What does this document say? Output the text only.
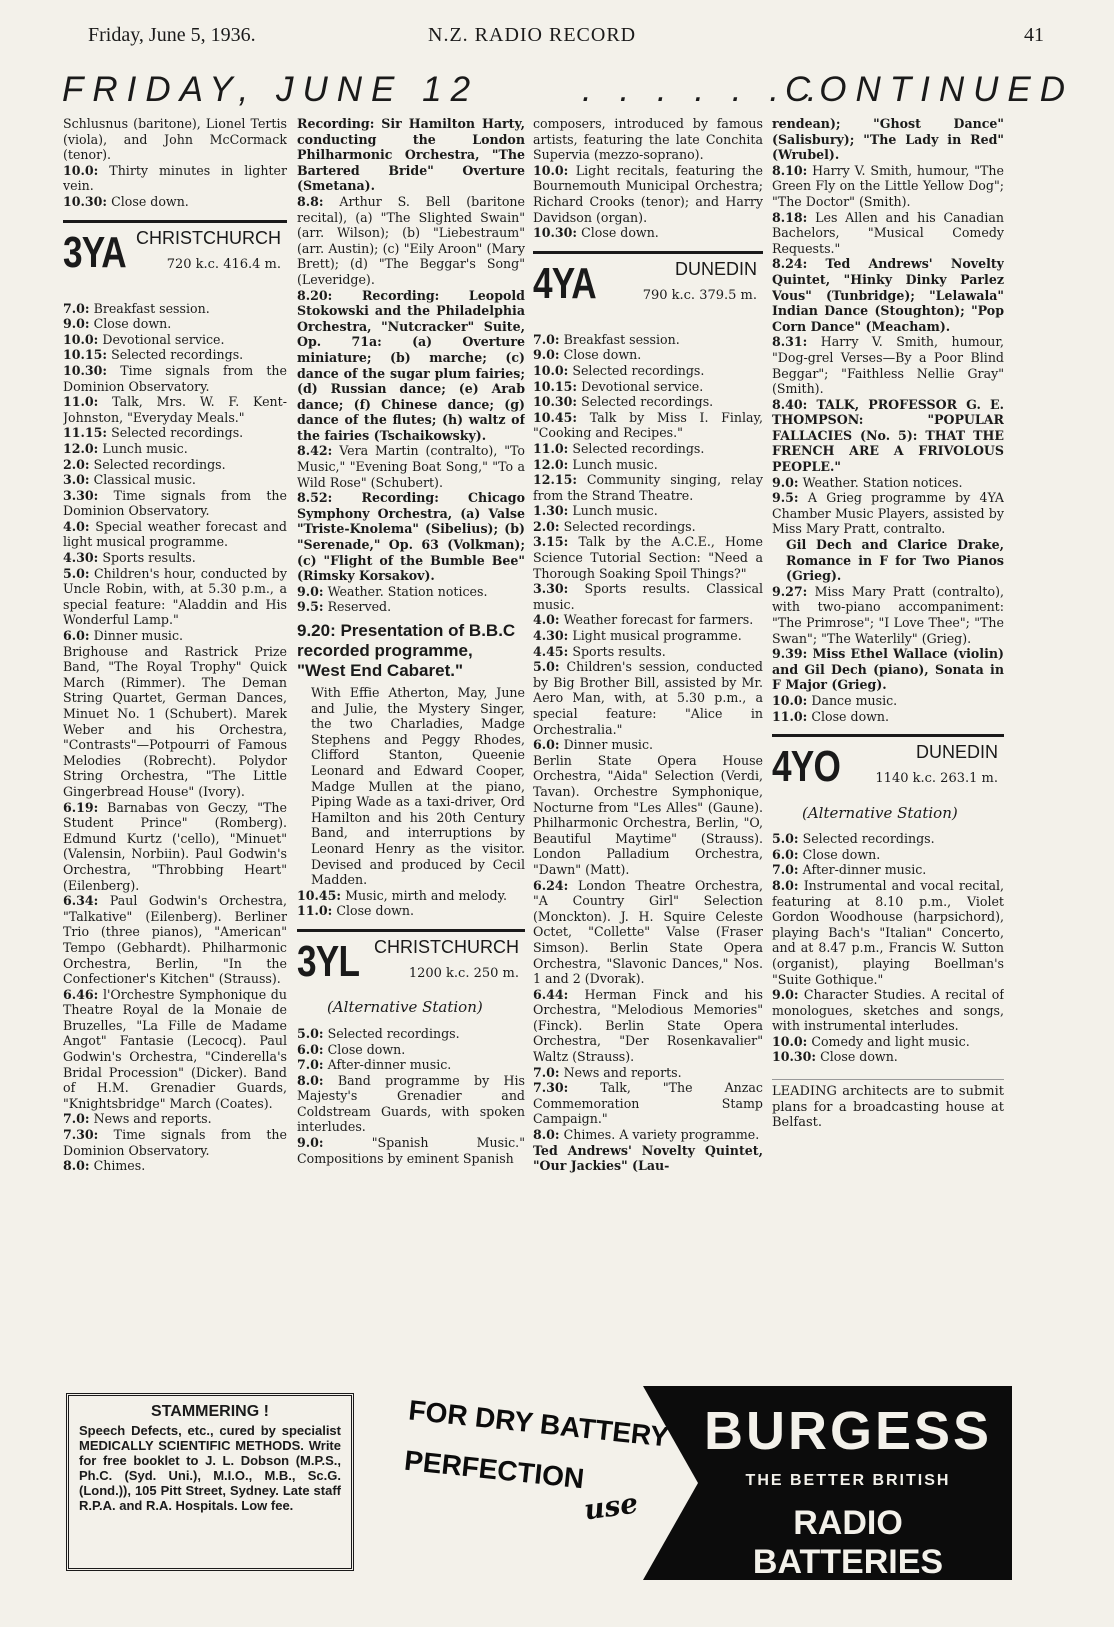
Friday, June 5, 1936.	N.Z. RADIO RECORD	41
FRIDAY, JUNE 12	. . . . . . .
CONTINUED

Schlusnus (baritone), Lionel Tertis (viola), and John McCormack (tenor).

10.0: Thirty minutes in lighter vein.

10.30: Close down.

3YA CHRISTCHURCH
720 k.c. 416.4 m.

7.0: Breakfast session.

9.0: Close down.

10.0: Devotional service.

10.15: Selected recordings.

10.30: Time signals from the Dominion Observatory.

11.0: Talk, Mrs. W. F. Kent-Johnston, "Everyday Meals."

11.15: Selected recordings.

12.0: Lunch music.

2.0: Selected recordings.

3.0: Classical music.

3.30: Time signals from the Dominion Observatory.

4.0: Special weather forecast and light musical programme.

4.30: Sports results.

5.0: Children's hour, conducted by Uncle Robin, with, at 5.30 p.m., a special feature: "Aladdin and His Wonderful Lamp."

6.0: Dinner music.

Brighouse and Rastrick Prize Band, "The Royal Trophy" Quick March (Rimmer). The Deman String Quartet, German Dances, Minuet No. 1 (Schubert). Marek Weber and his Orchestra, "Contrasts"—Potpourri of Famous Melodies (Robrecht). Polydor String Orchestra, "The Little Gingerbread House" (Ivory).

6.19: Barnabas von Geczy, "The Student Prince" (Romberg). Edmund Kurtz ('cello), "Minuet" (Valensin, Norbiin). Paul Godwin's Orchestra, "Throbbing Heart" (Eilenberg).

6.34: Paul Godwin's Orchestra, "Talkative" (Eilenberg). Berliner Trio (three pianos), "American" Tempo (Gebhardt). Philharmonic Orchestra, Berlin, "In the Confectioner's Kitchen" (Strauss).

6.46: l'Orchestre Symphonique du Theatre Royal de la Monaie de Bruzelles, "La Fille de Madame Angot" Fantasie (Lecocq). Paul Godwin's Orchestra, "Cinderella's Bridal Procession" (Dicker). Band of H.M. Grenadier Guards, "Knightsbridge" March (Coates).

7.0: News and reports.

7.30: Time signals from the Dominion Observatory.

8.0: Chimes.

Recording: Sir Hamilton Harty, conducting the London Philharmonic Orchestra, "The Bartered Bride" Overture (Smetana).

8.8: Arthur S. Bell (baritone recital), (a) "The Slighted Swain" (arr. Wilson); (b) "Liebestraum" (arr. Austin); (c) "Eily Aroon" (Mary Brett); (d) "The Beggar's Song" (Leveridge).

8.20: Recording: Leopold Stokowski and the Philadelphia Orchestra, "Nutcracker" Suite, Op. 71a: (a) Overture miniature; (b) marche; (c) dance of the sugar plum fairies; (d) Russian dance; (e) Arab dance; (f) Chinese dance; (g) dance of the flutes; (h) waltz of the fairies (Tschaikowsky).

8.42: Vera Martin (contralto), "To Music," "Evening Boat Song," "To a Wild Rose" (Schubert).

8.52: Recording: Chicago Symphony Orchestra, (a) Valse "Triste-Knolema" (Sibelius); (b) "Serenade," Op. 63 (Volkman); (c) "Flight of the Bumble Bee" (Rimsky Korsakov).

9.0: Weather. Station notices.

9.5: Reserved.

9.20: Presentation of B.B.C recorded programme, "West End Cabaret."

With Effie Atherton, May, June and Julie, the Mystery Singer, the two Charladies, Madge Stephens and Peggy Rhodes, Clifford Stanton, Queenie Leonard and Edward Cooper, Madge Mullen at the piano, Piping Wade as a taxi-driver, Ord Hamilton and his 20th Century Band, and interruptions by Leonard Henry as the visitor. Devised and produced by Cecil Madden.

10.45: Music, mirth and melody.

11.0: Close down.

3YL CHRISTCHURCH
1200 k.c. 250 m.
(Alternative Station)

5.0: Selected recordings.

6.0: Close down.

7.0: After-dinner music.

8.0: Band programme by His Majesty's Grenadier and Coldstream Guards, with spoken interludes.

9.0:	"Spanish Music." Compositions by eminent Spanish

composers, introduced by famous artists, featuring the late Conchita Supervia (mezzo-soprano).

10.0: Light recitals, featuring the Bournemouth Municipal Orchestra; Richard Crooks (tenor); and Harry Davidson (organ).

10.30: Close down.

4YA	DUNEDIN
790 k.c. 379.5 m.

7.0: Breakfast session.

9.0: Close down.

10.0: Selected recordings.

10.15: Devotional service.

10.30: Selected recordings.

10.45: Talk by Miss I. Finlay, "Cooking and Recipes."

11.0: Selected recordings.

12.0: Lunch music.

12.15: Community singing, relay from the Strand Theatre.

1.30: Lunch music.

2.0: Selected recordings.

3.15: Talk by the A.C.E., Home Science Tutorial Section: "Need a Thorough Soaking Spoil Things?"

3.30: Sports results. Classical music.

4.0: Weather forecast for farmers.

4.30: Light musical programme.

4.45: Sports results.

5.0: Children's session, conducted by Big Brother Bill, assisted by Mr. Aero Man, with, at 5.30 p.m., a special feature: "Alice in Orchestralia."

6.0: Dinner music.

Berlin State Opera House Orchestra, "Aida" Selection (Verdi, Tavan). Orchestre Symphonique, Nocturne from "Les Alles" (Gaune). Philharmonic Orchestra, Berlin, "O, Beautiful Maytime" (Strauss). London Palladium Orchestra, "Dawn" (Matt).

6.24: London Theatre Orchestra, "A Country Girl" Selection (Monckton). J. H. Squire Celeste Octet, "Collette" Valse (Fraser Simson). Berlin State Opera Orchestra, "Slavonic Dances," Nos. 1 and 2 (Dvorak).

6.44: Herman Finck and his Orchestra, "Melodious Memories" (Finck). Berlin State Opera Orchestra, "Der Rosenkavalier" Waltz (Strauss).

7.0: News and reports.

7.30:	Talk, "The Anzac Commemoration Stamp Campaign."

8.0: Chimes. A variety programme.

Ted Andrews' Novelty Quintet, "Our Jackies" (Lau-

rendean); "Ghost Dance" (Salisbury); "The Lady in Red" (Wrubel).

8.10: Harry V. Smith, humour, "The Green Fly on the Little Yellow Dog"; "The Doctor" (Smith).

8.18: Les Allen and his Canadian Bachelors, "Musical Comedy Requests."

8.24: Ted Andrews' Novelty Quintet, "Hinky Dinky Parlez Vous" (Tunbridge); "Lelawala" Indian Dance (Stoughton); "Pop Corn Dance" (Meacham).

8.31: Harry V. Smith, humour, "Dog-grel Verses—By a Poor Blind Beggar"; "Faithless Nellie Gray" (Smith).

8.40: TALK, PROFESSOR G. E. THOMPSON: "POPULAR FALLACIES (No. 5): THAT THE FRENCH ARE A FRIVOLOUS PEOPLE."

9.0: Weather. Station notices.

9.5: A Grieg programme by 4YA Chamber Music Players, assisted by Miss Mary Pratt, contralto.

Gil Dech and Clarice Drake, Romance in F for Two Pianos (Grieg).

9.27: Miss Mary Pratt (contralto), with two-piano accompaniment: "The Primrose"; "I Love Thee"; "The Swan"; "The Waterlily" (Grieg).

9.39: Miss Ethel Wallace (violin) and Gil Dech (piano), Sonata in F Major (Grieg).

10.0: Dance music.

11.0: Close down.

4YO	DUNEDIN
1140 k.c. 263.1 m.
(Alternative Station)

5.0: Selected recordings.

6.0: Close down.

7.0: After-dinner music.

8.0: Instrumental and vocal recital, featuring at 8.10 p.m., Violet Gordon Woodhouse (harpsichord), playing Bach's "Italian" Concerto, and at 8.47 p.m., Francis W. Sutton (organist), playing Boellman's "Suite Gothique."

9.0: Character Studies. A recital of monologues, sketches and songs, with instrumental interludes.

10.0: Comedy and light music.

10.30: Close down.

LEADING architects are to submit plans for a broadcasting house at Belfast.

STAMMERING !

Speech Defects, etc., cured by specialist MEDICALLY SCIENTIFIC METHODS. Write for free booklet to J. L. Dobson (M.P.S., Ph.C. (Syd. Uni.), M.I.O., M.B., Sc.G. (Lond.)), 105 Pitt Street, Sydney. Late staff R.P.A. and R.A. Hospitals. Low fee.

FOR DRY BATTERY
PERFECTION
use
BURGESS
THE BETTER BRITISH
RADIO BATTERIES
